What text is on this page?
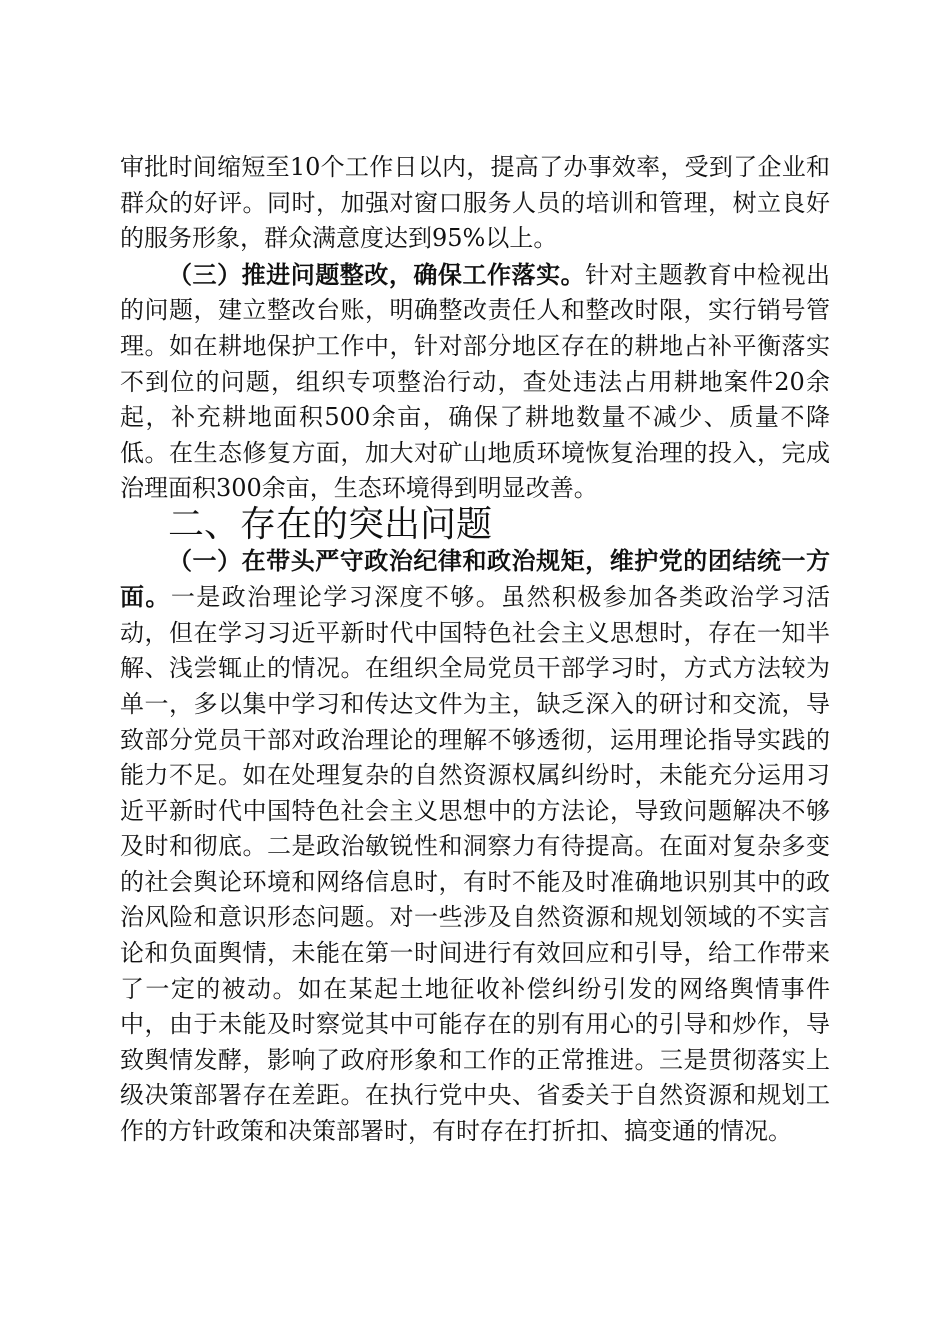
审批时间缩短至10个工作日以内，提高了办事效率，受到了企业和群众的好评。同时，加强对窗口服务人员的培训和管理，树立良好的服务形象，群众满意度达到95%以上。

（三）推进问题整改，确保工作落实。针对主题教育中检视出的问题，建立整改台账，明确整改责任人和整改时限，实行销号管理。如在耕地保护工作中，针对部分地区存在的耕地占补平衡落实不到位的问题，组织专项整治行动，查处违法占用耕地案件20余起，补充耕地面积500余亩，确保了耕地数量不减少、质量不降低。在生态修复方面，加大对矿山地质环境恢复治理的投入，完成治理面积300余亩，生态环境得到明显改善。

二、存在的突出问题

（一）在带头严守政治纪律和政治规矩，维护党的团结统一方面。一是政治理论学习深度不够。虽然积极参加各类政治学习活动，但在学习习近平新时代中国特色社会主义思想时，存在一知半解、浅尝辄止的情况。在组织全局党员干部学习时，方式方法较为单一，多以集中学习和传达文件为主，缺乏深入的研讨和交流，导致部分党员干部对政治理论的理解不够透彻，运用理论指导实践的能力不足。如在处理复杂的自然资源权属纠纷时，未能充分运用习近平新时代中国特色社会主义思想中的方法论，导致问题解决不够及时和彻底。二是政治敏锐性和洞察力有待提高。在面对复杂多变的社会舆论环境和网络信息时，有时不能及时准确地识别其中的政治风险和意识形态问题。对一些涉及自然资源和规划领域的不实言论和负面舆情，未能在第一时间进行有效回应和引导，给工作带来了一定的被动。如在某起土地征收补偿纠纷引发的网络舆情事件中，由于未能及时察觉其中可能存在的别有用心的引导和炒作，导致舆情发酵，影响了政府形象和工作的正常推进。三是贯彻落实上级决策部署存在差距。在执行党中央、省委关于自然资源和规划工作的方针政策和决策部署时，有时存在打折扣、搞变通的情况。
